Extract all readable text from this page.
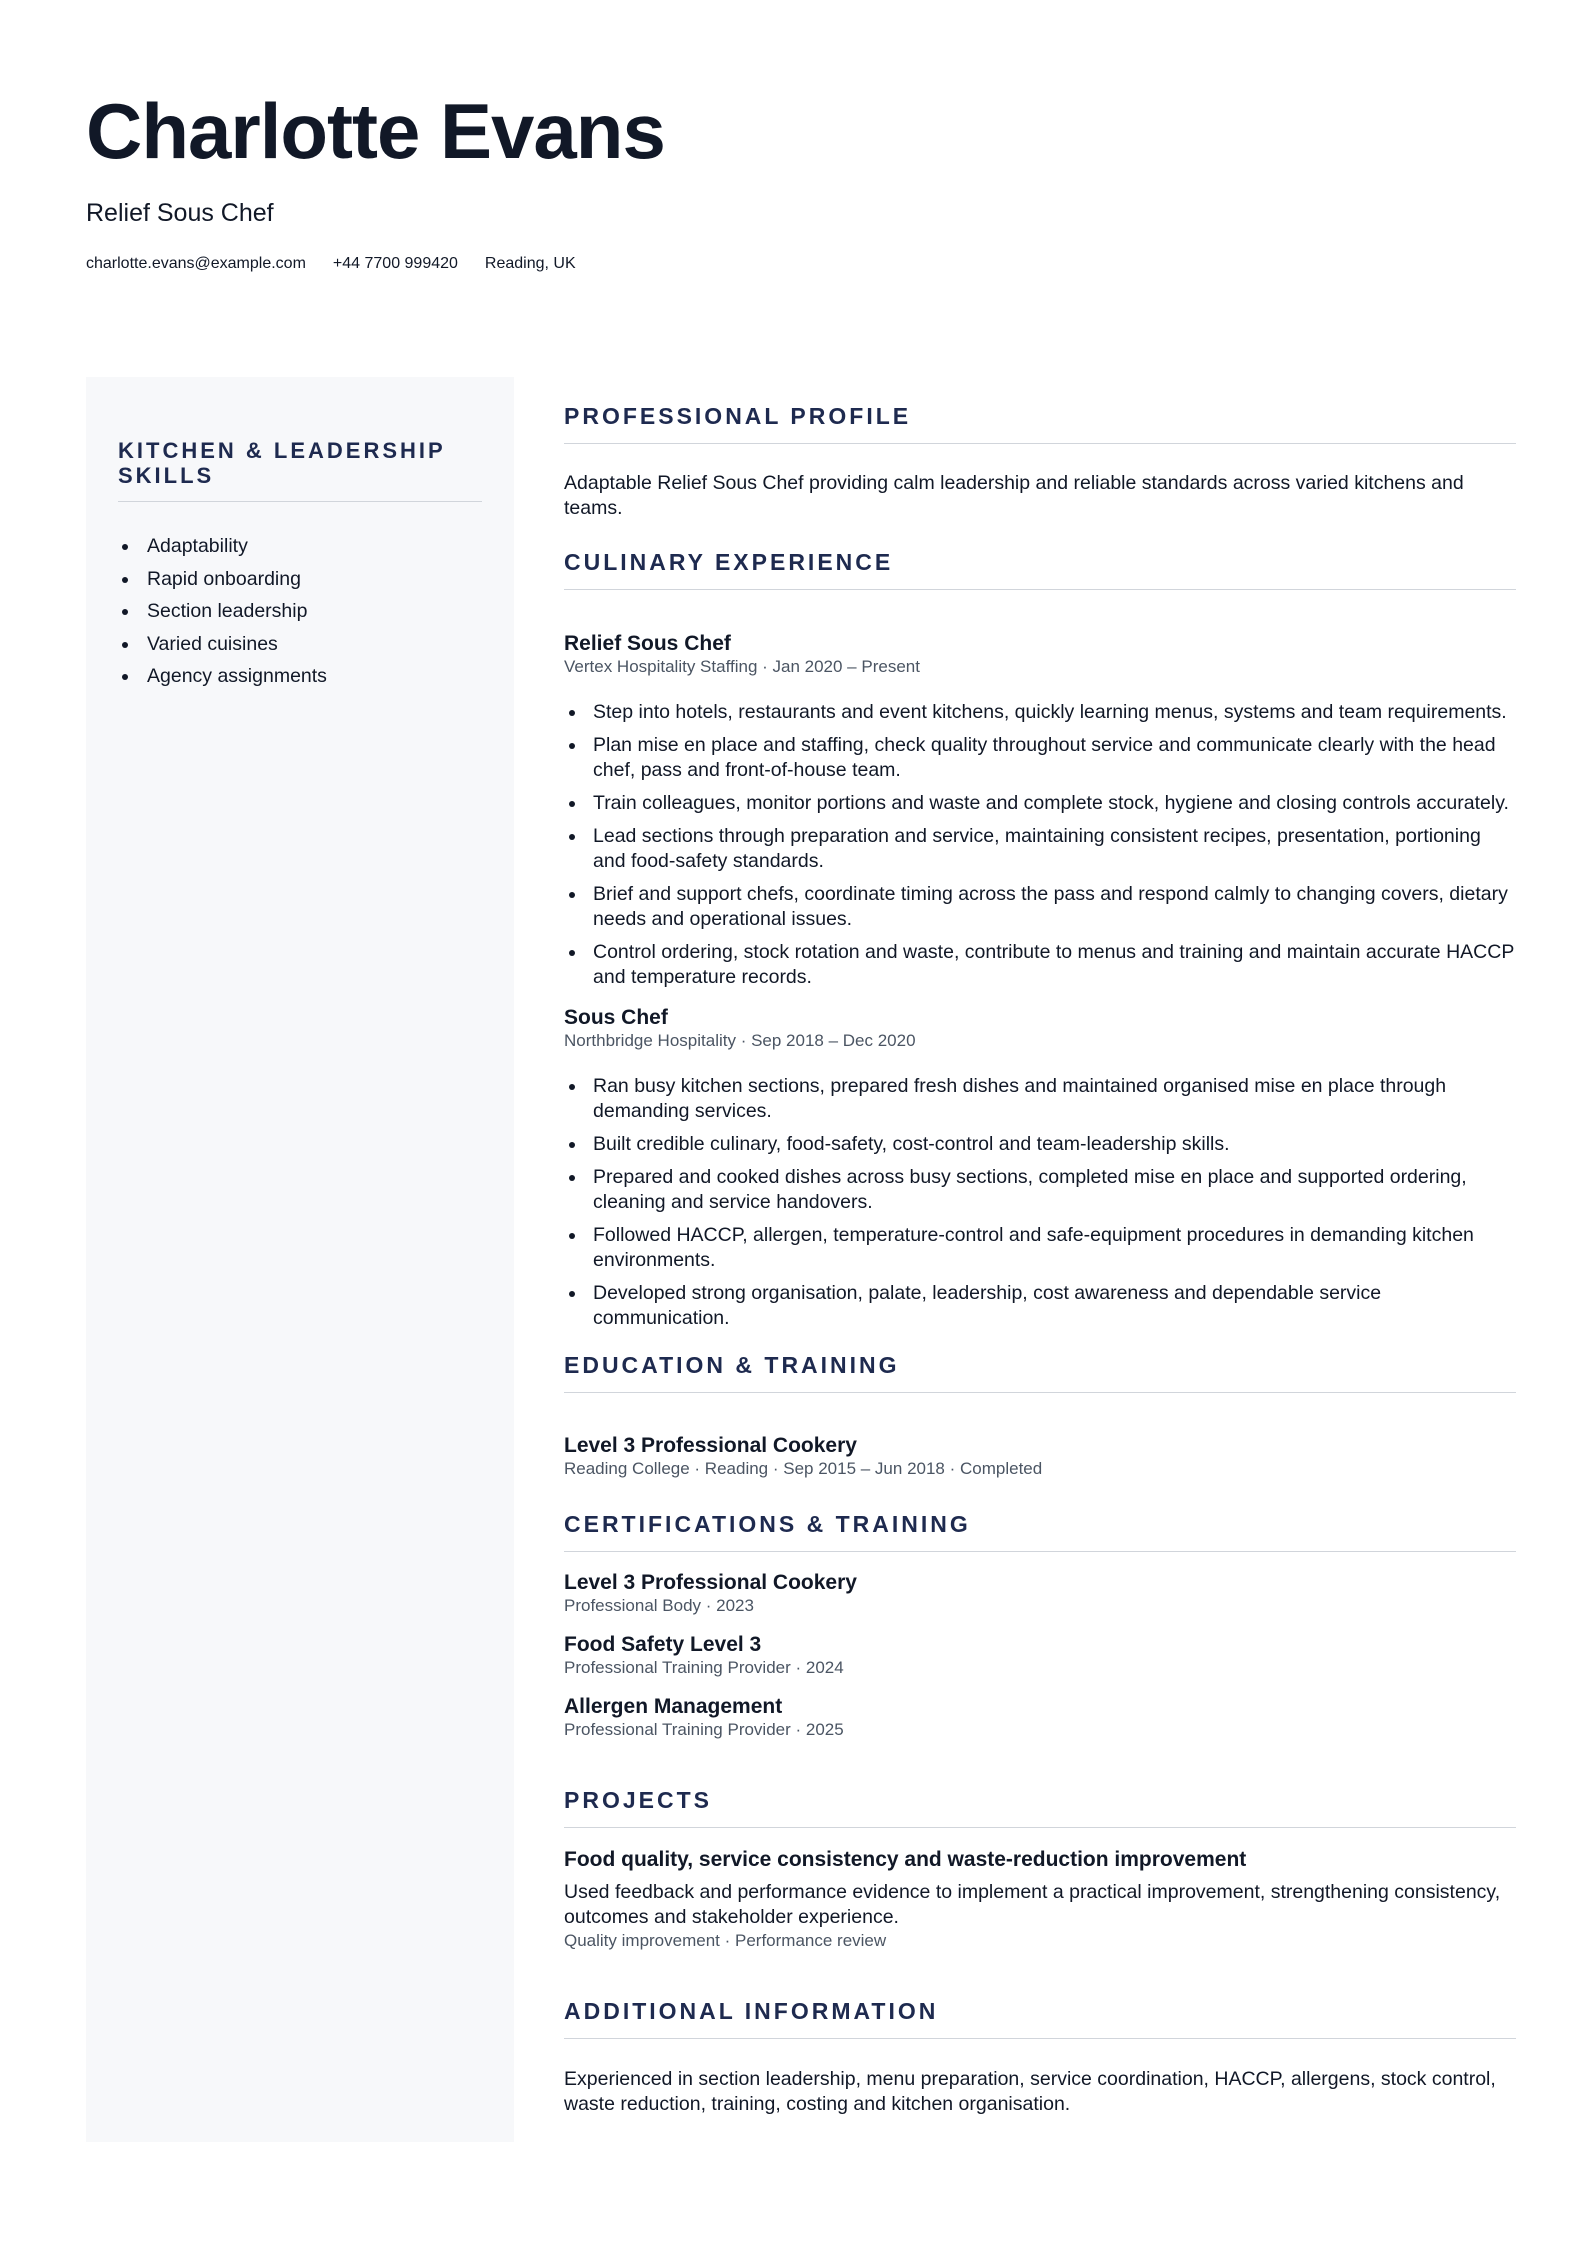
Charlotte Evans
Relief Sous Chef
charlotte.evans@example.com +44 7700 999420 Reading, UK
KITCHEN & LEADERSHIP SKILLS
Adaptability
Rapid onboarding
Section leadership
Varied cuisines
Agency assignments
PROFESSIONAL PROFILE

Adaptable Relief Sous Chef providing calm leadership and reliable standards across varied kitchens and teams.

CULINARY EXPERIENCE

Relief Sous Chef

Vertex Hospitality Staffing · Jan 2020 – Present

Step into hotels, restaurants and event kitchens, quickly learning menus, systems and team requirements.
Plan mise en place and staffing, check quality throughout service and communicate clearly with the head chef, pass and front-of-house team.
Train colleagues, monitor portions and waste and complete stock, hygiene and closing controls accurately.
Lead sections through preparation and service, maintaining consistent recipes, presentation, portioning and food-safety standards.
Brief and support chefs, coordinate timing across the pass and respond calmly to changing covers, dietary needs and operational issues.
Control ordering, stock rotation and waste, contribute to menus and training and maintain accurate HACCP and temperature records.

Sous Chef

Northbridge Hospitality · Sep 2018 – Dec 2020

Ran busy kitchen sections, prepared fresh dishes and maintained organised mise en place through demanding services.
Built credible culinary, food-safety, cost-control and team-leadership skills.
Prepared and cooked dishes across busy sections, completed mise en place and supported ordering, cleaning and service handovers.
Followed HACCP, allergen, temperature-control and safe-equipment procedures in demanding kitchen environments.
Developed strong organisation, palate, leadership, cost awareness and dependable service communication.
EDUCATION & TRAINING

Level 3 Professional Cookery

Reading College · Reading · Sep 2015 – Jun 2018 · Completed

CERTIFICATIONS & TRAINING

Level 3 Professional Cookery

Professional Body · 2023

Food Safety Level 3

Professional Training Provider · 2024

Allergen Management

Professional Training Provider · 2025

PROJECTS

Food quality, service consistency and waste-reduction improvement

Used feedback and performance evidence to implement a practical improvement, strengthening consistency, outcomes and stakeholder experience.

Quality improvement · Performance review

ADDITIONAL INFORMATION

Experienced in section leadership, menu preparation, service coordination, HACCP, allergens, stock control, waste reduction, training, costing and kitchen organisation.
